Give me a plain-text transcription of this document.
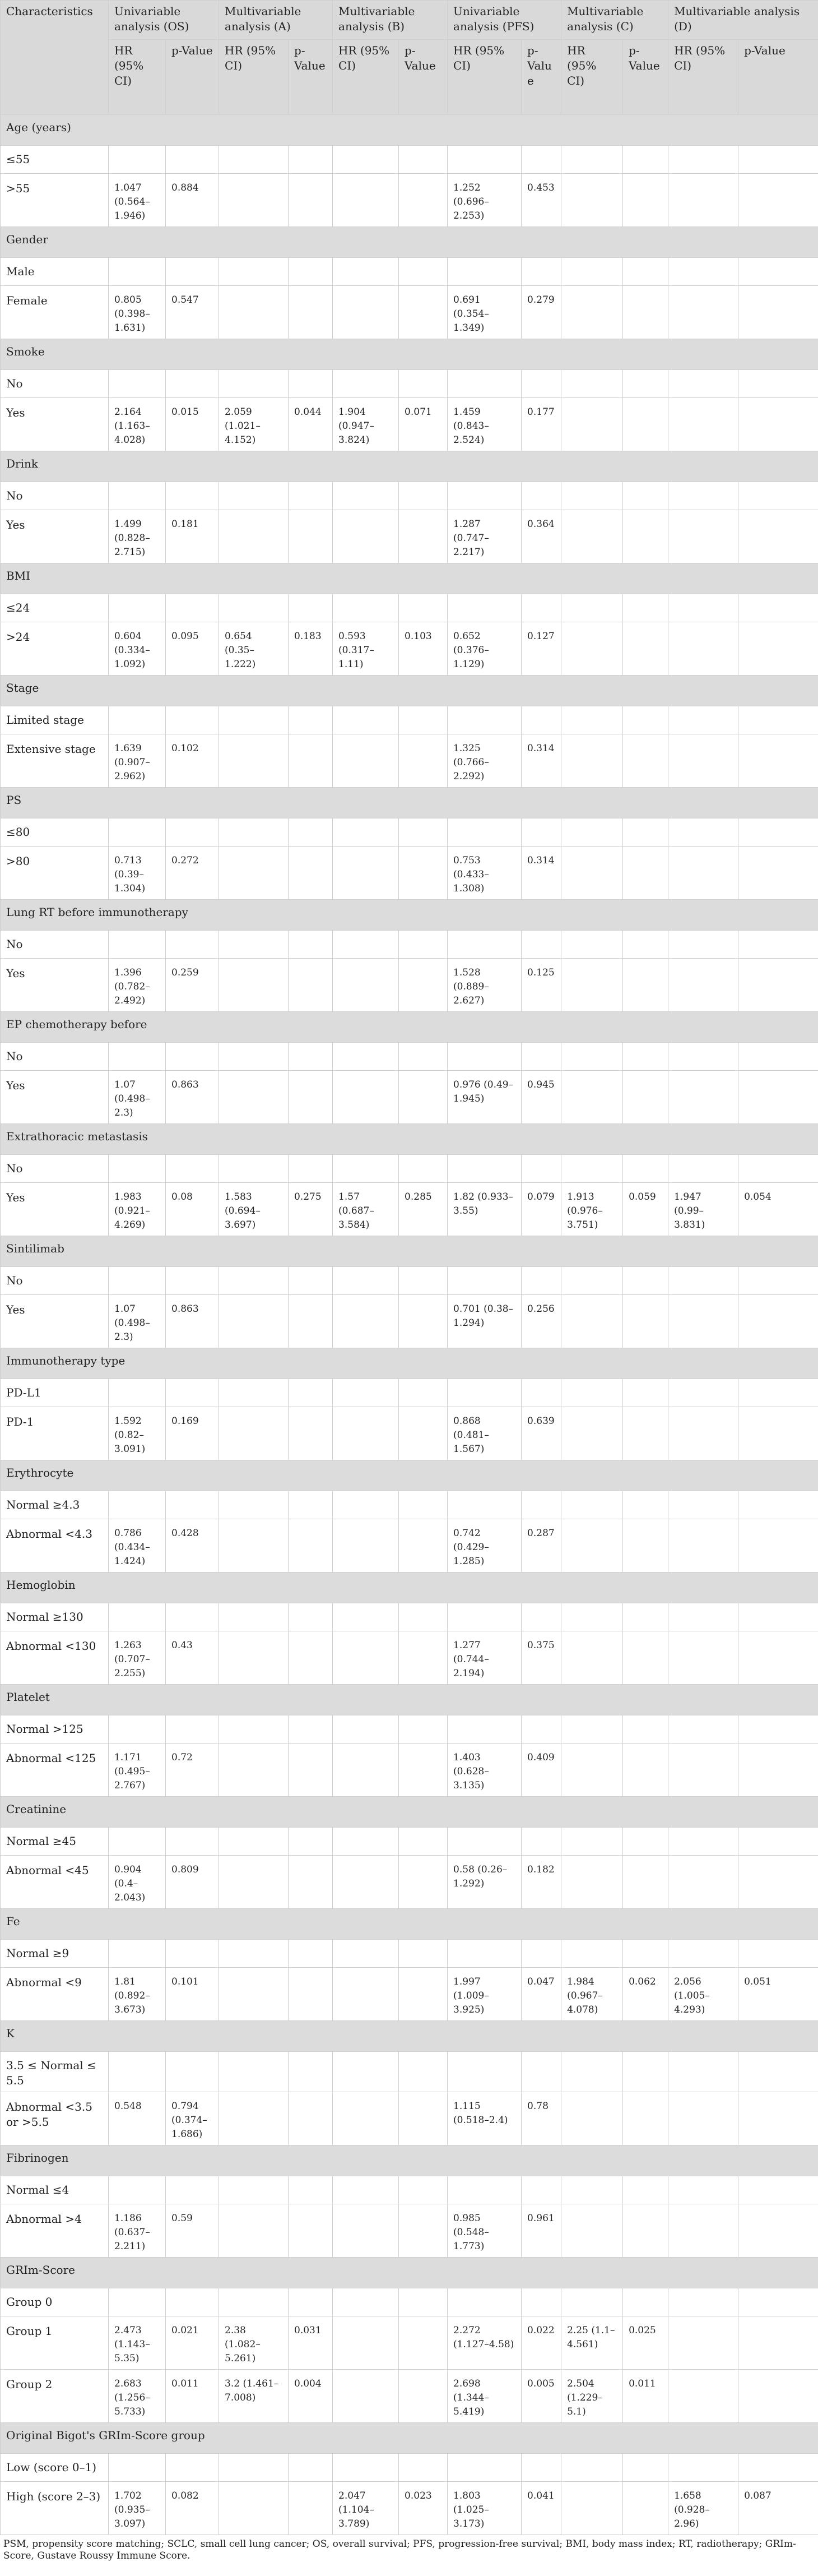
Characteristics	Univariable analysis (OS)		Multivariable analysis (A)		Multivariable analysis (B)		Univariable analysis (PFS)		Multivariable analysis (C)		Multivariable analysis (D)	
	HR (95% CI)	p-Value	HR (95% CI)	p-Value	HR (95% CI)	p-Value	HR (95% CI)	p-Value	HR (95% CI)	p-Value	HR (95% CI)	p-Value
Age (years)												
≤55												
>55	1.047 (0.564–1.946)	0.884					1.252 (0.696–2.253)	0.453				
Gender												
Male												
Female	0.805 (0.398–1.631)	0.547					0.691 (0.354–1.349)	0.279				
Smoke												
No												
Yes	2.164 (1.163–4.028)	0.015	2.059 (1.021–4.152)	0.044	1.904 (0.947–3.824)	0.071	1.459 (0.843–2.524)	0.177				
Drink												
No												
Yes	1.499 (0.828–2.715)	0.181					1.287 (0.747–2.217)	0.364				
BMI												
≤24												
>24	0.604 (0.334–1.092)	0.095	0.654 (0.35–1.222)	0.183	0.593 (0.317–1.11)	0.103	0.652 (0.376–1.129)	0.127				
Stage												
Limited stage												
Extensive stage	1.639 (0.907–2.962)	0.102					1.325 (0.766–2.292)	0.314				
PS												
≤80												
>80	0.713 (0.39–1.304)	0.272					0.753 (0.433–1.308)	0.314				
Lung RT before immunotherapy												
No												
Yes	1.396 (0.782–2.492)	0.259					1.528 (0.889–2.627)	0.125				
EP chemotherapy before												
No												
Yes	1.07 (0.498–2.3)	0.863					0.976 (0.49–1.945)	0.945				
Extrathoracic metastasis												
No												
Yes	1.983 (0.921–4.269)	0.08	1.583 (0.694–3.697)	0.275	1.57 (0.687–3.584)	0.285	1.82 (0.933–3.55)	0.079	1.913 (0.976–3.751)	0.059	1.947 (0.99–3.831)	0.054
Sintilimab												
No												
Yes	1.07 (0.498–2.3)	0.863					0.701 (0.38–1.294)	0.256				
Immunotherapy type												
PD-L1												
PD-1	1.592 (0.82–3.091)	0.169					0.868 (0.481–1.567)	0.639				
Erythrocyte												
Normal ≥4.3												
Abnormal <4.3	0.786 (0.434–1.424)	0.428					0.742 (0.429–1.285)	0.287				
Hemoglobin												
Normal ≥130												
Abnormal <130	1.263 (0.707–2.255)	0.43					1.277 (0.744–2.194)	0.375				
Platelet												
Normal >125												
Abnormal <125	1.171 (0.495–2.767)	0.72					1.403 (0.628–3.135)	0.409				
Creatinine												
Normal ≥45												
Abnormal <45	0.904 (0.4–2.043)	0.809					0.58 (0.26–1.292)	0.182				
Fe												
Normal ≥9												
Abnormal <9	1.81 (0.892–3.673)	0.101					1.997 (1.009–3.925)	0.047	1.984 (0.967–4.078)	0.062	2.056 (1.005–4.293)	0.051
K												
3.5 ≤ Normal ≤ 5.5												
Abnormal <3.5 or >5.5	0.548	0.794 (0.374–1.686)					1.115 (0.518–2.4)	0.78				
Fibrinogen												
Normal ≤4												
Abnormal >4	1.186 (0.637–2.211)	0.59					0.985 (0.548–1.773)	0.961				
GRIm-Score												
Group 0												
Group 1	2.473 (1.143–5.35)	0.021	2.38 (1.082–5.261)	0.031			2.272 (1.127–4.58)	0.022	2.25 (1.1–4.561)	0.025		
Group 2	2.683 (1.256–5.733)	0.011	3.2 (1.461–7.008)	0.004			2.698 (1.344–5.419)	0.005	2.504 (1.229–5.1)	0.011		
Original Bigot's GRIm-Score group												
Low (score 0–1)												
High (score 2–3)	1.702 (0.935–3.097)	0.082			2.047 (1.104–3.789)	0.023	1.803 (1.025–3.173)	0.041			1.658 (0.928–2.96)	0.087
PSM, propensity score matching; SCLC, small cell lung cancer; OS, overall survival; PFS, progression-free survival; BMI, body mass index; RT, radiotherapy; GRIm-Score, Gustave Roussy Immune Score.
